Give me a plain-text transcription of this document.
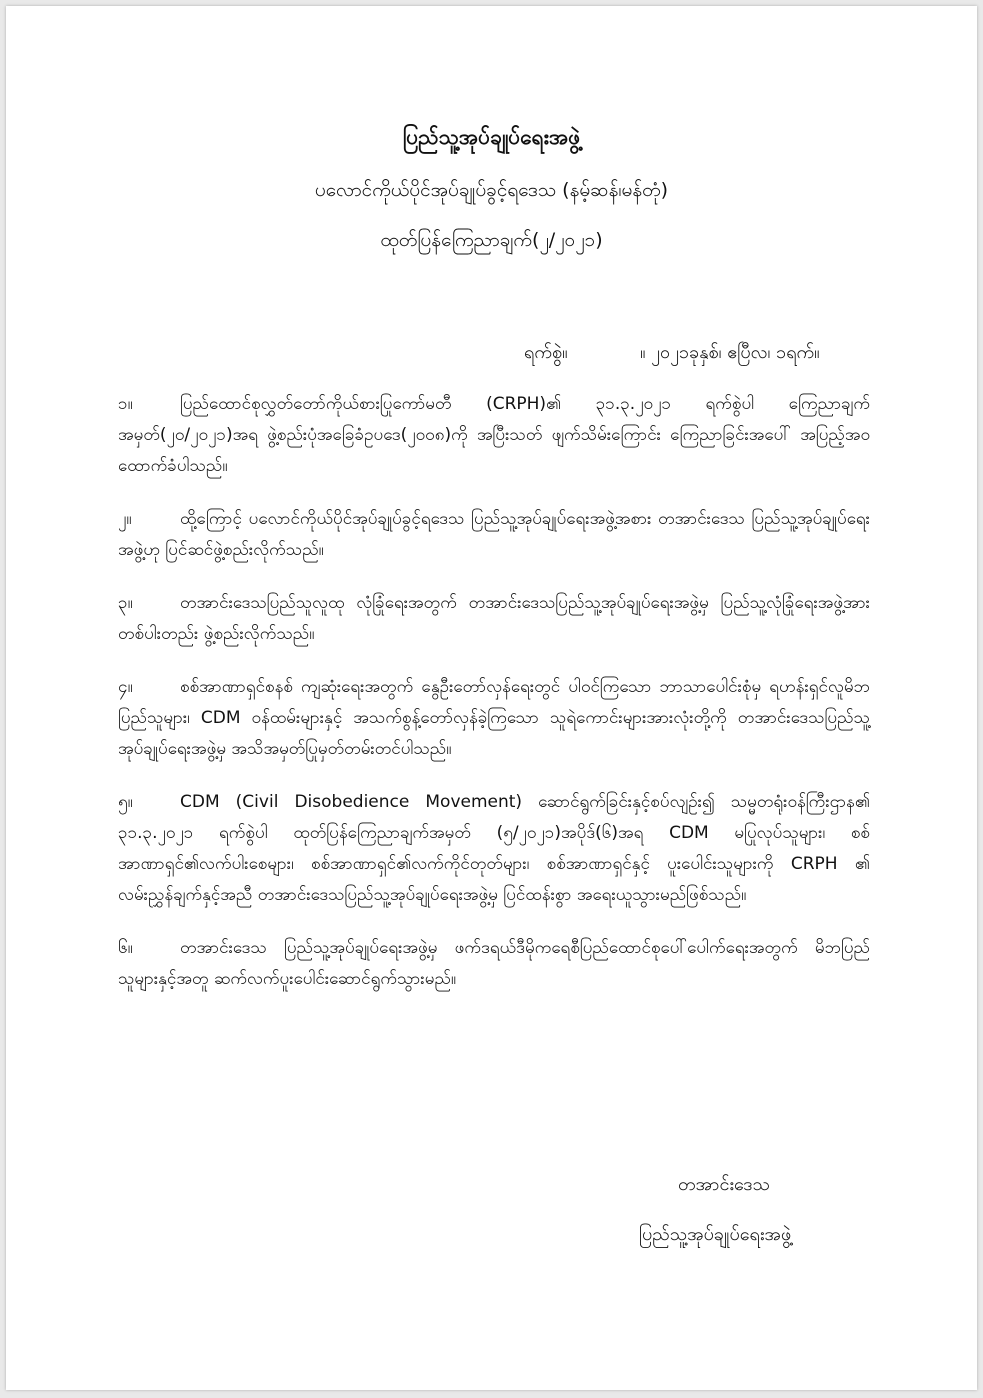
ပြည်သူ့အုပ်ချုပ်ရေးအဖွဲ့
ပလောင်ကိုယ်ပိုင်အုပ်ချုပ်ခွင့်ရဒေသ (နမ့်ဆန်၊မန်တုံ)
ထုတ်ပြန်ကြေညာချက်(၂/၂၀၂၁)
ရက်စွဲ။	။ ၂၀၂၁ခုနှစ်၊ ဧပြီလ၊ ၁ရက်။

၁။	ပြည်ထောင်စုလွှတ်တော်ကိုယ်စားပြုကော်မတီ (CRPH)၏ ၃၁.၃.၂၀၂၁ ရက်စွဲပါ ကြေညာချက်အမှတ်(၂၀/၂၀၂၁)အရ ဖွဲ့စည်းပုံအခြေခံဥပဒေ(၂၀၀၈)ကို အပြီးသတ် ဖျက်သိမ်းကြောင်း ကြေညာခြင်းအပေါ် အပြည့်အဝထောက်ခံပါသည်။

၂။	ထို့ကြောင့် ပလောင်ကိုယ်ပိုင်အုပ်ချုပ်ခွင့်ရဒေသ ပြည်သူ့အုပ်ချုပ်ရေးအဖွဲ့အစား တအာင်းဒေသ ပြည်သူ့အုပ်ချုပ်ရေးအဖွဲ့ဟု ပြင်ဆင်ဖွဲ့စည်းလိုက်သည်။

၃။	တအာင်းဒေသပြည်သူလူထု လုံခြုံရေးအတွက် တအာင်းဒေသပြည်သူ့အုပ်ချုပ်ရေးအဖွဲ့မှ ပြည်သူ့လုံခြုံရေးအဖွဲ့အား တစ်ပါးတည်း ဖွဲ့စည်းလိုက်သည်။

၄။	စစ်အာဏာရှင်စနစ် ကျဆုံးရေးအတွက် နွေဦးတော်လှန်ရေးတွင် ပါဝင်ကြသော ဘာသာပေါင်းစုံမှ ရဟန်းရှင်လူမိဘပြည်သူများ၊ CDM ဝန်ထမ်းများနှင့် အသက်စွန့်တော်လှန်ခဲ့ကြသော သူရဲကောင်းများအားလုံးတို့ကို တအာင်းဒေသပြည်သူ့အုပ်ချုပ်ရေးအဖွဲ့မှ အသိအမှတ်ပြုမှတ်တမ်းတင်ပါသည်။

၅။	CDM (Civil Disobedience Movement) ဆောင်ရွက်ခြင်းနှင့်စပ်လျဉ်း၍ သမ္မတရုံးဝန်ကြီးဌာန၏ ၃၁.၃.၂၀၂၁ ရက်စွဲပါ ထုတ်ပြန်ကြေညာချက်အမှတ် (၅/၂၀၂၁)အပိုဒ်(၆)အရ CDM မပြုလုပ်သူများ၊ စစ်အာဏာရှင်၏လက်ပါးစေများ၊ စစ်အာဏာရှင်၏လက်ကိုင်တုတ်များ၊ စစ်အာဏာရှင်နှင့် ပူးပေါင်းသူများကို CRPH ၏ လမ်းညွှန်ချက်နှင့်အညီ တအာင်းဒေသပြည်သူ့အုပ်ချုပ်ရေးအဖွဲ့မှ ပြင်ထန်းစွာ အရေးယူသွားမည်ဖြစ်သည်။

၆။	တအာင်းဒေသ ပြည်သူ့အုပ်ချုပ်ရေးအဖွဲ့မှ ဖက်ဒရယ်ဒီမိုကရေစီပြည်ထောင်စုပေါ်ပေါက်ရေးအတွက် မိဘပြည်သူများနှင့်အတူ ဆက်လက်ပူးပေါင်းဆောင်ရွက်သွားမည်။

တအာင်းဒေသ
ပြည်သူ့အုပ်ချုပ်ရေးအဖွဲ့
